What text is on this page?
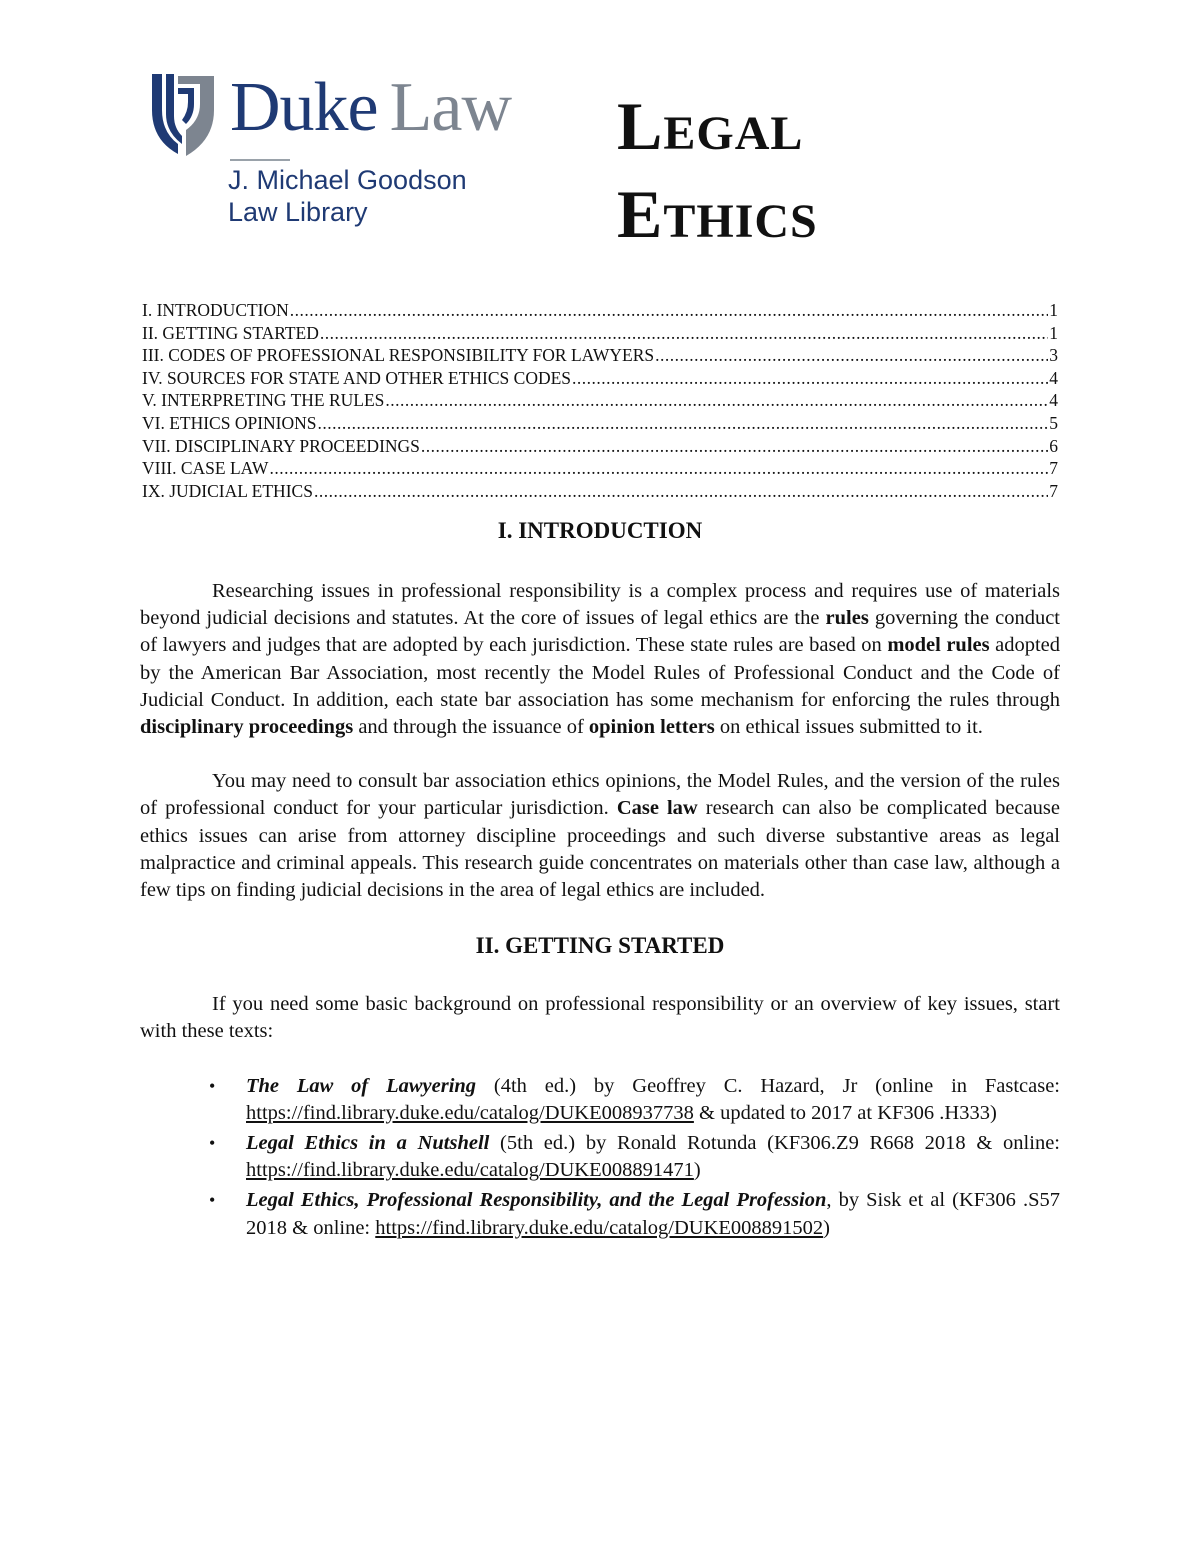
Duke Law
J. Michael Goodson
Law Library
Legal
Ethics
I. INTRODUCTION .....	1
II. GETTING STARTED .....	1
III. CODES OF PROFESSIONAL RESPONSIBILITY FOR LAWYERS .....	3
IV. SOURCES FOR STATE AND OTHER ETHICS CODES .....	4
V. INTERPRETING THE RULES .....	4
VI. ETHICS OPINIONS .....	5
VII. DISCIPLINARY PROCEEDINGS .....	6
VIII. CASE LAW .....	7
IX. JUDICIAL ETHICS .....	7
I. INTRODUCTION

Researching issues in professional responsibility is a complex process and requires use of materials beyond judicial decisions and statutes. At the core of issues of legal ethics are the rules governing the conduct of lawyers and judges that are adopted by each jurisdiction. These state rules are based on model rules adopted by the American Bar Association, most recently the Model Rules of Professional Conduct and the Code of Judicial Conduct. In addition, each state bar association has some mechanism for enforcing the rules through disciplinary proceedings and through the issuance of opinion letters on ethical issues submitted to it.

You may need to consult bar association ethics opinions, the Model Rules, and the version of the rules of professional conduct for your particular jurisdiction. Case law research can also be complicated because ethics issues can arise from attorney discipline proceedings and such diverse substantive areas as legal malpractice and criminal appeals. This research guide concentrates on materials other than case law, although a few tips on finding judicial decisions in the area of legal ethics are included.

II. GETTING STARTED

If you need some basic background on professional responsibility or an overview of key issues, start with these texts:

• The Law of Lawyering (4th ed.) by Geoffrey C. Hazard, Jr (online in Fastcase: https://find.library.duke.edu/catalog/DUKE008937738 & updated to 2017 at KF306 .H333)
• Legal Ethics in a Nutshell (5th ed.) by Ronald Rotunda (KF306.Z9 R668 2018 & online: https://find.library.duke.edu/catalog/DUKE008891471)
• Legal Ethics, Professional Responsibility, and the Legal Profession, by Sisk et al (KF306 .S57 2018 & online: https://find.library.duke.edu/catalog/DUKE008891502)
